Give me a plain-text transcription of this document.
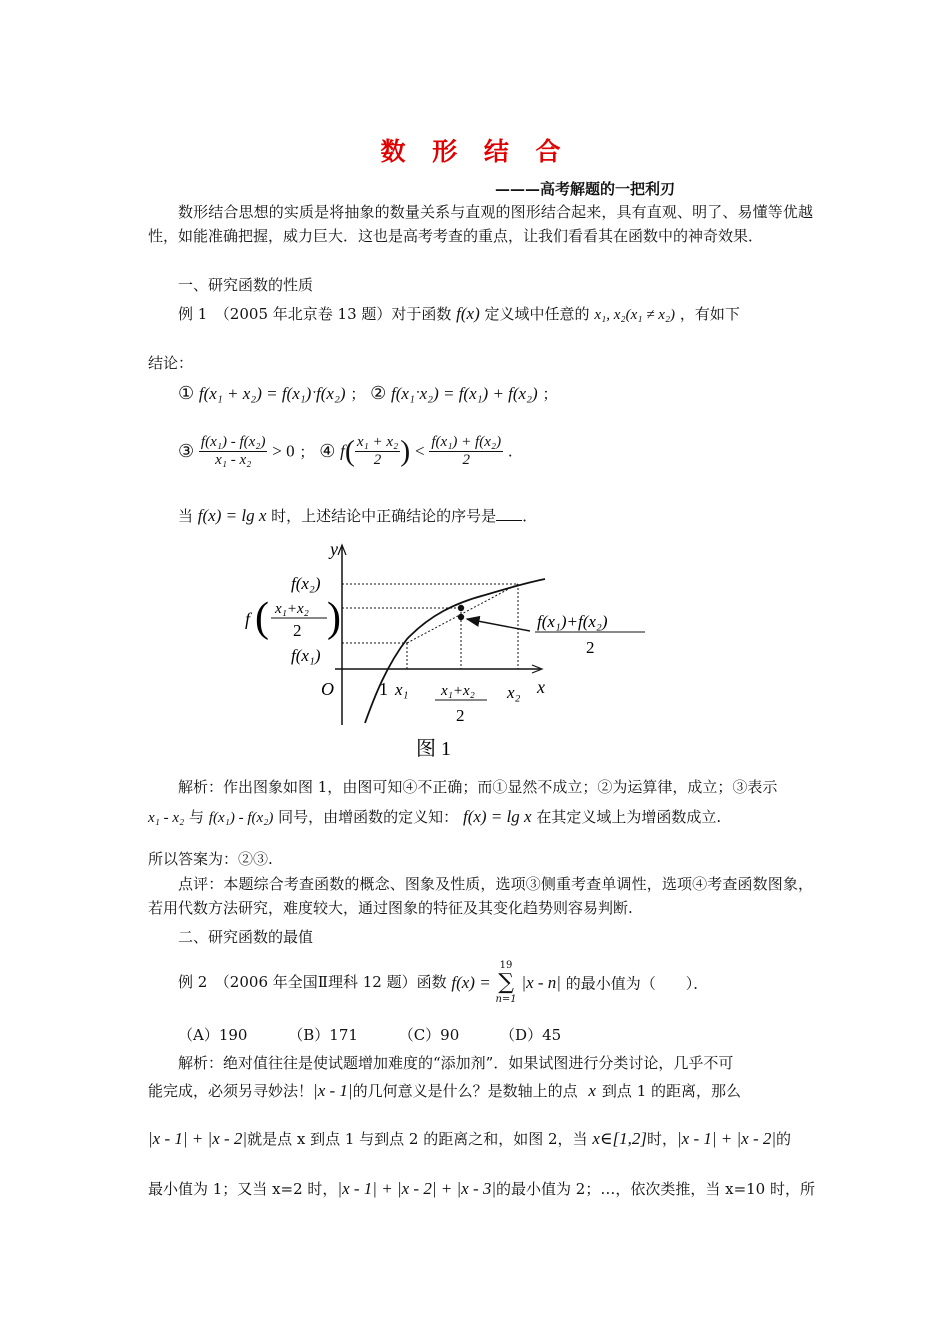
数 形 结 合
———高考解题的一把利刃
数形结合思想的实质是将抽象的数量关系与直观的图形结合起来，具有直观、明了、易懂等优越性，如能准确把握，威力巨大．这也是高考考查的重点，让我们看看其在函数中的神奇效果．
一、研究函数的性质
例 1　（2005 年北京卷 13 题）对于函数 f(x) 定义域中任意的 x₁, x₂(x₁ ≠ x₂) ，有如下
结论：
① f(x₁ + x₂) = f(x₁)ˑf(x₂) ； ② f(x₁ˑx₂) = f(x₁) + f(x₂) ；
③ $\frac{\text{f(x₁) - f(x₂)}}{\text{x₁ - x₂}} > 0$ ； ④ $f( \frac{\text{x₁ + x₂}}{2}$ ) < $\frac{\text{f(x₁) + f(x₂)}}{2}$ .
当 f(x) = lg x 时，上述结论中正确结论的序号是 ．
y
x
O	1 x₁ x₁+x₂
2
x₂
f(x₂)
f ( x₁+x₂
2 )
f(x₁)
f(x₁)+f(x₂)
2
图 1
解析：作出图象如图 1，由图可知④不正确；而①显然不成立；②为运算律，成立；③表示
x₁ - x₂ 与 f(x₁) - f(x₂) 同号，由增函数的定义知： f(x) = lg x 在其定义域上为增函数成立.
所以答案为：②③.
点评：本题综合考查函数的概念、图象及性质，选项③侧重考查单调性，选项④考查函数图象，若用代数方法研究，难度较大，通过图象的特征及其变化趋势则容易判断.
二、研究函数的最值
例 2　（2006 年全国Ⅱ理科 12 题）函数 f(x) =
19
∑
n=1
|x - n| 的最小值为（　　）．
（A）190	（B）171	（C）90	（D）45
解析：绝对值往往是使试题增加难度的“添加剂”．如果试图进行分类讨论，几乎不可
能完成，必须另寻妙法！|x - 1|的几何意义是什么？是数轴上的点 x 到点 1 的距离，那么
|x - 1| + |x - 2|就是点 x 到点 1 与到点 2 的距离之和，如图 2，当 x∈[1,2]时，|x - 1| + |x - 2|的
最小值为 1；又当 x=2 时，|x - 1| + |x - 2| + |x - 3|的最小值为 2；…，依次类推，当 x=10 时，所
